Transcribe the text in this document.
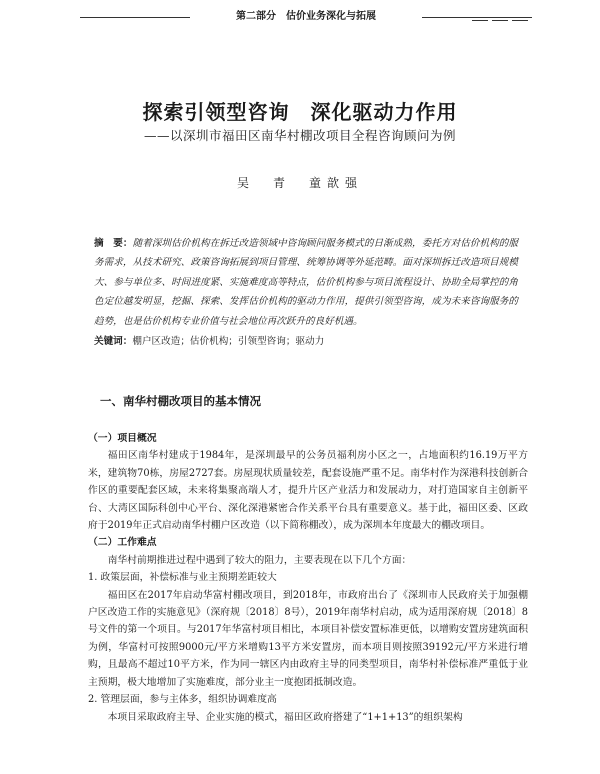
第二部分　估价业务深化与拓展
探索引领型咨询　深化驱动力作用
——以深圳市福田区南华村棚改项目全程咨询顾问为例
吴　青　童歆强
摘　要：随着深圳估价机构在拆迁改造领域中咨询顾问服务模式的日渐成熟，委托方对估价机构的服务需求，从技术研究、政策咨询拓展到项目管理、统筹协调等外延范畴。面对深圳拆迁改造项目规模大、参与单位多、时间进度紧、实施难度高等特点，估价机构参与项目流程设计、协助全局掌控的角色定位越发明显，挖掘、探索、发挥估价机构的驱动力作用，提供引领型咨询，成为未来咨询服务的趋势，也是估价机构专业价值与社会地位再次跃升的良好机遇。
关键词：棚户区改造；估价机构；引领型咨询；驱动力
一、南华村棚改项目的基本情况

（一）项目概况

福田区南华村建成于1984年，是深圳最早的公务员福利房小区之一，占地面积约16.19万平方米，建筑物70栋，房屋2727套。房屋现状质量较差，配套设施严重不足。南华村作为深港科技创新合作区的重要配套区域，未来将集聚高端人才，提升片区产业活力和发展动力，对打造国家自主创新平台、大湾区国际科创中心平台、深化深港紧密合作关系平台具有重要意义。基于此，福田区委、区政府于2019年正式启动南华村棚户区改造（以下简称棚改），成为深圳本年度最大的棚改项目。

（二）工作难点

南华村前期推进过程中遇到了较大的阻力，主要表现在以下几个方面：

1. 政策层面，补偿标准与业主预期差距较大

福田区在2017年启动华富村棚改项目，到2018年，市政府出台了《深圳市人民政府关于加强棚户区改造工作的实施意见》（深府规〔2018〕8号），2019年南华村启动，成为适用深府规〔2018〕8号文件的第一个项目。与2017年华富村项目相比，本项目补偿安置标准更低，以增购安置房建筑面积为例，华富村可按照9000元/平方米增购13平方米安置房，而本项目则按照39192元/平方米进行增购，且最高不超过10平方米，作为同一辖区内由政府主导的同类型项目，南华村补偿标准严重低于业主预期，极大地增加了实施难度，部分业主一度抱团抵制改造。

2. 管理层面，参与主体多，组织协调难度高

本项目采取政府主导、企业实施的模式，福田区政府搭建了“1+1+13”的组织架构
